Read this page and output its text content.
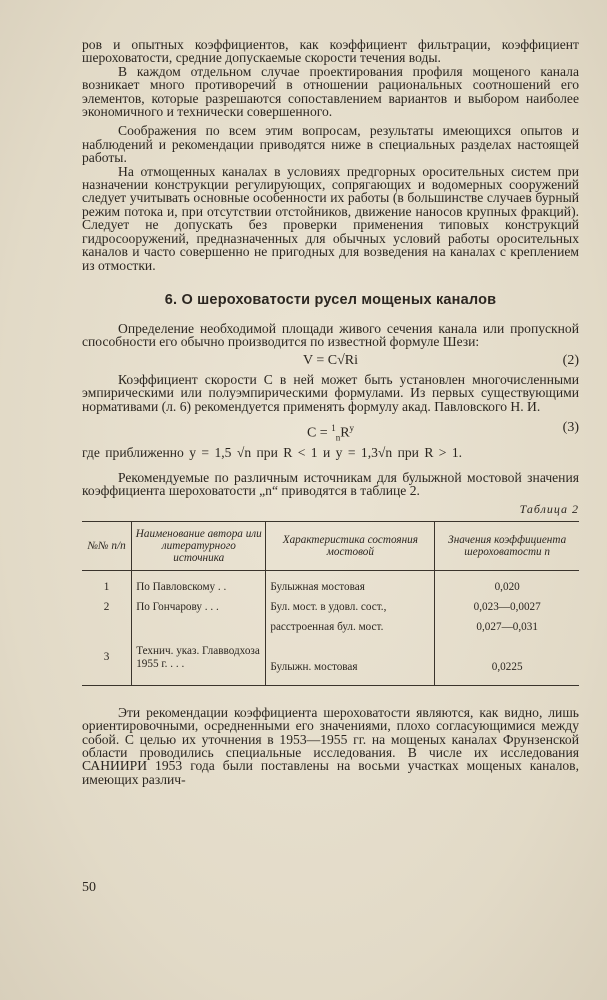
ров и опытных коэффициентов, как коэффициент фильтрации, коэффициент шероховатости, средние допускаемые скорости течения воды.

В каждом отдельном случае проектирования профиля мощеного канала возникает много противоречий в отношении рациональных соотношений его элементов, которые разрешаются сопоставлением вариантов и выбором наиболее экономичного и технически совершенного.

Соображения по всем этим вопросам, результаты имеющихся опытов и наблюдений и рекомендации приводятся ниже в специальных разделах настоящей работы.

На отмощенных каналах в условиях предгорных оросительных систем при назначении конструкции регулирующих, сопрягающих и водомерных сооружений следует учитывать основные особенности их работы (в большинстве случаев бурный режим потока и, при отсутствии отстойников, движение наносов крупных фракций). Следует не допускать без проверки применения типовых конструкций гидросооружений, предназначенных для обычных условий работы оросительных каналов и часто совершенно не пригодных для возведения на каналах с креплением из отмостки.

6. О шероховатости русел мощеных каналов

Определение необходимой площади живого сечения канала или пропускной способности его обычно производится по известной формуле Шези:

V = C√Ri	(2)

Коэффициент скорости C в ней может быть установлен многочисленными эмпирическими или полуэмпирическими формулами. Из первых существующими нормативами (л. 6) рекомендуется применять формулу акад. Павловского Н. И.

$C = ^1_nR^y$	(3)
где приближенно y = 1,5 √n при R < 1 и y = 1,3√n при R > 1.

Рекомендуемые по различным источникам для булыжной мостовой значения коэффициента шероховатости „n“ приводятся в таблице 2.

Таблица 2
№№ п/п	Наименование автора или литературного источника	Характеристика состояния мостовой	Значения коэффициента шероховатости n
1	По Павловскому . .	Булыжная мостовая	0,020
2	По Гончарову . . .	Бул. мост. в удовл. сост.,	0,023—0,0027
		расстроенная бул. мост.	0,027—0,031
3	Технич. указ. Главводхоза 1955 г. . . .	Булыжн. мостовая	0,0225

Эти рекомендации коэффициента шероховатости являются, как видно, лишь ориентировочными, осредненными его значениями, плохо согласующимися между собой. С целью их уточнения в 1953—1955 гг. на мощеных каналах Фрунзенской области проводились специальные исследования. В числе их исследования САНИИРИ 1953 года были поставлены на восьми участках мощеных каналов, имеющих различ-

50
